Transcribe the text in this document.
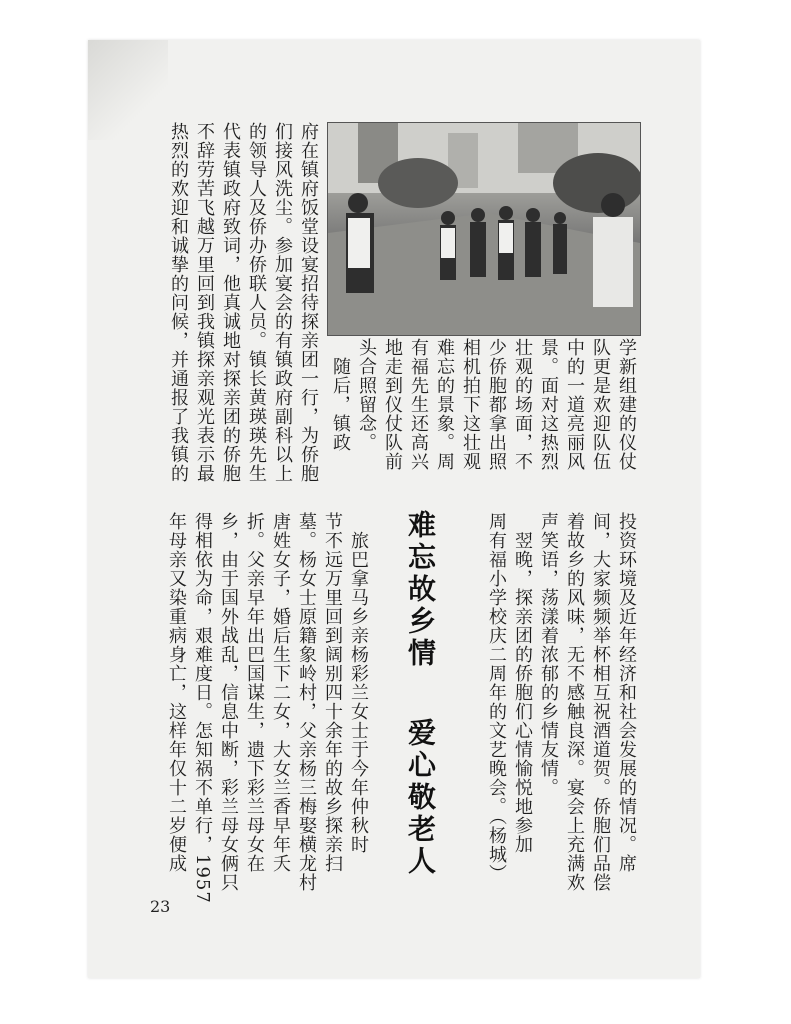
学新组建的仪仗
队更是欢迎队伍
中的一道亮丽风
景。面对这热烈
壮观的场面，不
少侨胞都拿出照
相机拍下这壮观
难忘的景象。周
有福先生还高兴
地走到仪仗队前
头合照留念。
　随后，镇政
府在镇府饭堂设宴招待探亲团一行，为侨胞
们接风洗尘。参加宴会的有镇政府副科以上
的领导人及侨办侨联人员。镇长黄瑛瑛先生
代表镇政府致词，他真诚地对探亲团的侨胞
不辞劳苦飞越万里回到我镇探亲观光表示最
热烈的欢迎和诚挚的问候，并通报了我镇的
投资环境及近年经济和社会发展的情况。席
间，大家频频举杯相互祝酒道贺。侨胞们品偿
着故乡的风味，无不感触良深。宴会上充满欢
声笑语，荡漾着浓郁的乡情友情。
　翌晚，探亲团的侨胞们心情愉悦地参加
周有福小学校庆二周年的文艺晚会。（杨城）
难忘故乡情
爱心敬老人
　旅巴拿马乡亲杨彩兰女士于今年仲秋时
节不远万里回到阔别四十余年的故乡探亲扫
墓。杨女士原籍象岭村，父亲杨三梅娶横龙村
唐姓女子，婚后生下二女，大女兰香早年夭
折。父亲早年出巴国谋生，遗下彩兰母女在
乡，由于国外战乱，信息中断，彩兰母女俩只
得相依为命，艰难度日。怎知祸不单行，1957
年母亲又染重病身亡，这样年仅十二岁便成
23
